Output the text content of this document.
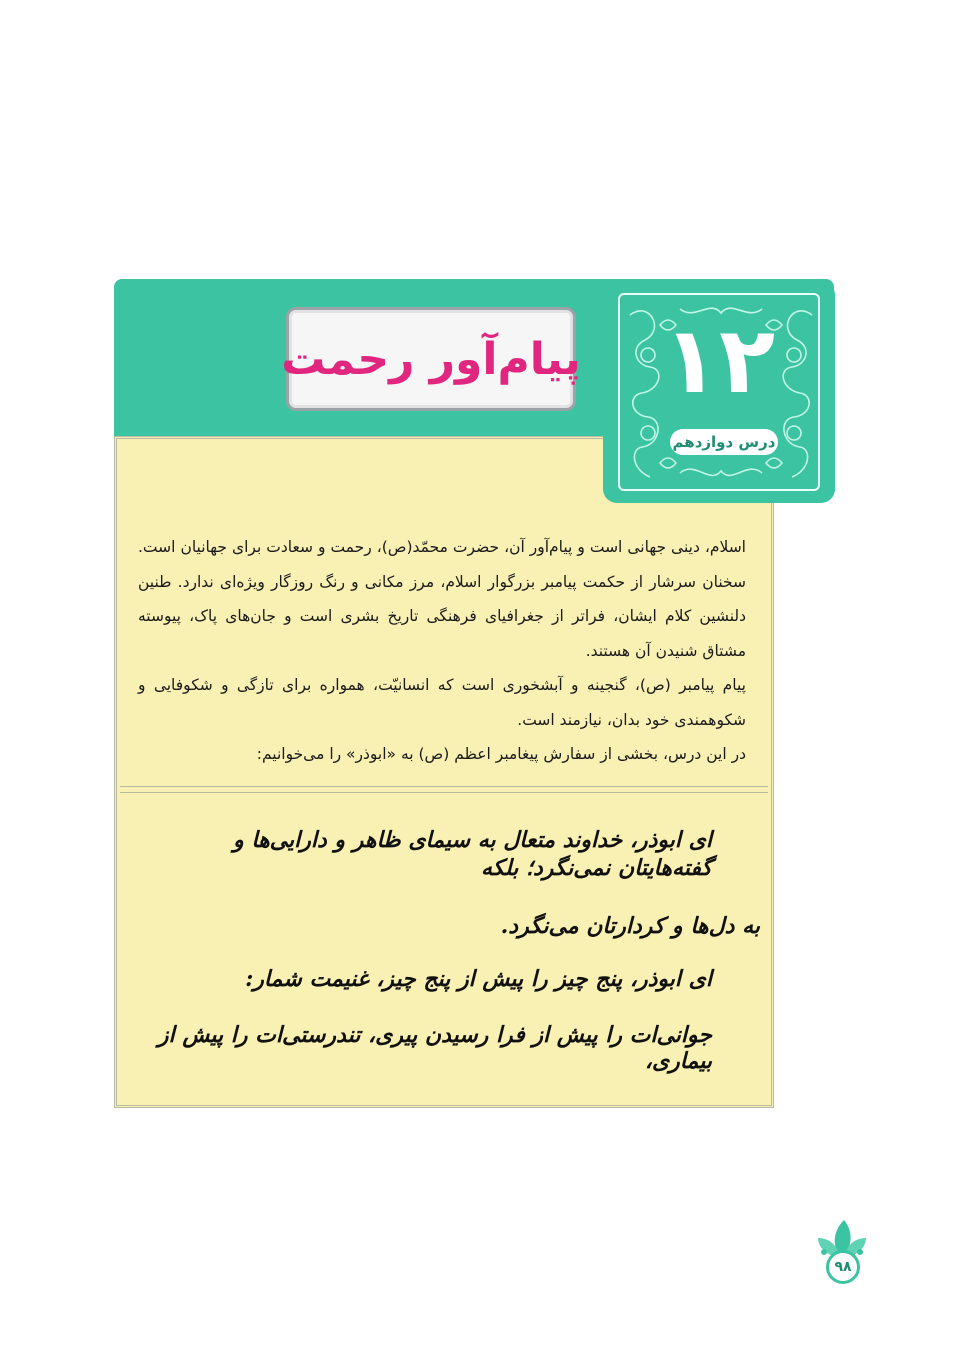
پیام‌آور رحمت ۱۲
درس دوازدهم

اسلام، دینی جهانی است و پیام‌آور آن، حضرت محمّد(ص)، رحمت و سعادت برای جهانیان است. سخنان سرشار از حکمت پیامبر بزرگوار اسلام، مرز مکانی و رنگ روزگار ویژه‌ای ندارد. طنین دلنشین کلام ایشان، فراتر از جغرافیای فرهنگی تاریخ بشری است و جان‌های پاک، پیوسته مشتاق شنیدن آن هستند.

پیام پیامبر (ص)، گنجینه و آبشخوری است که انسانیّت، همواره برای تازگی و شکوفایی و شکوهمندی خود بدان، نیازمند است.

در این درس، بخشی از سفارش پیغامبر اعظم (ص) به «ابوذر» را می‌خوانیم:

ای ابوذر، خداوند متعال به سیمای ظاهر و دارایی‌ها و گفته‌هایتان نمی‌نگرد؛ بلکه

به دل‌ها و کردارتان می‌نگرد.

ای ابوذر، پنج چیز را پیش از پنج چیز، غنیمت شمار:

جوانی‌ات را پیش از فرا رسیدن پیری، تندرستی‌ات را پیش از بیماری،

۹۸
